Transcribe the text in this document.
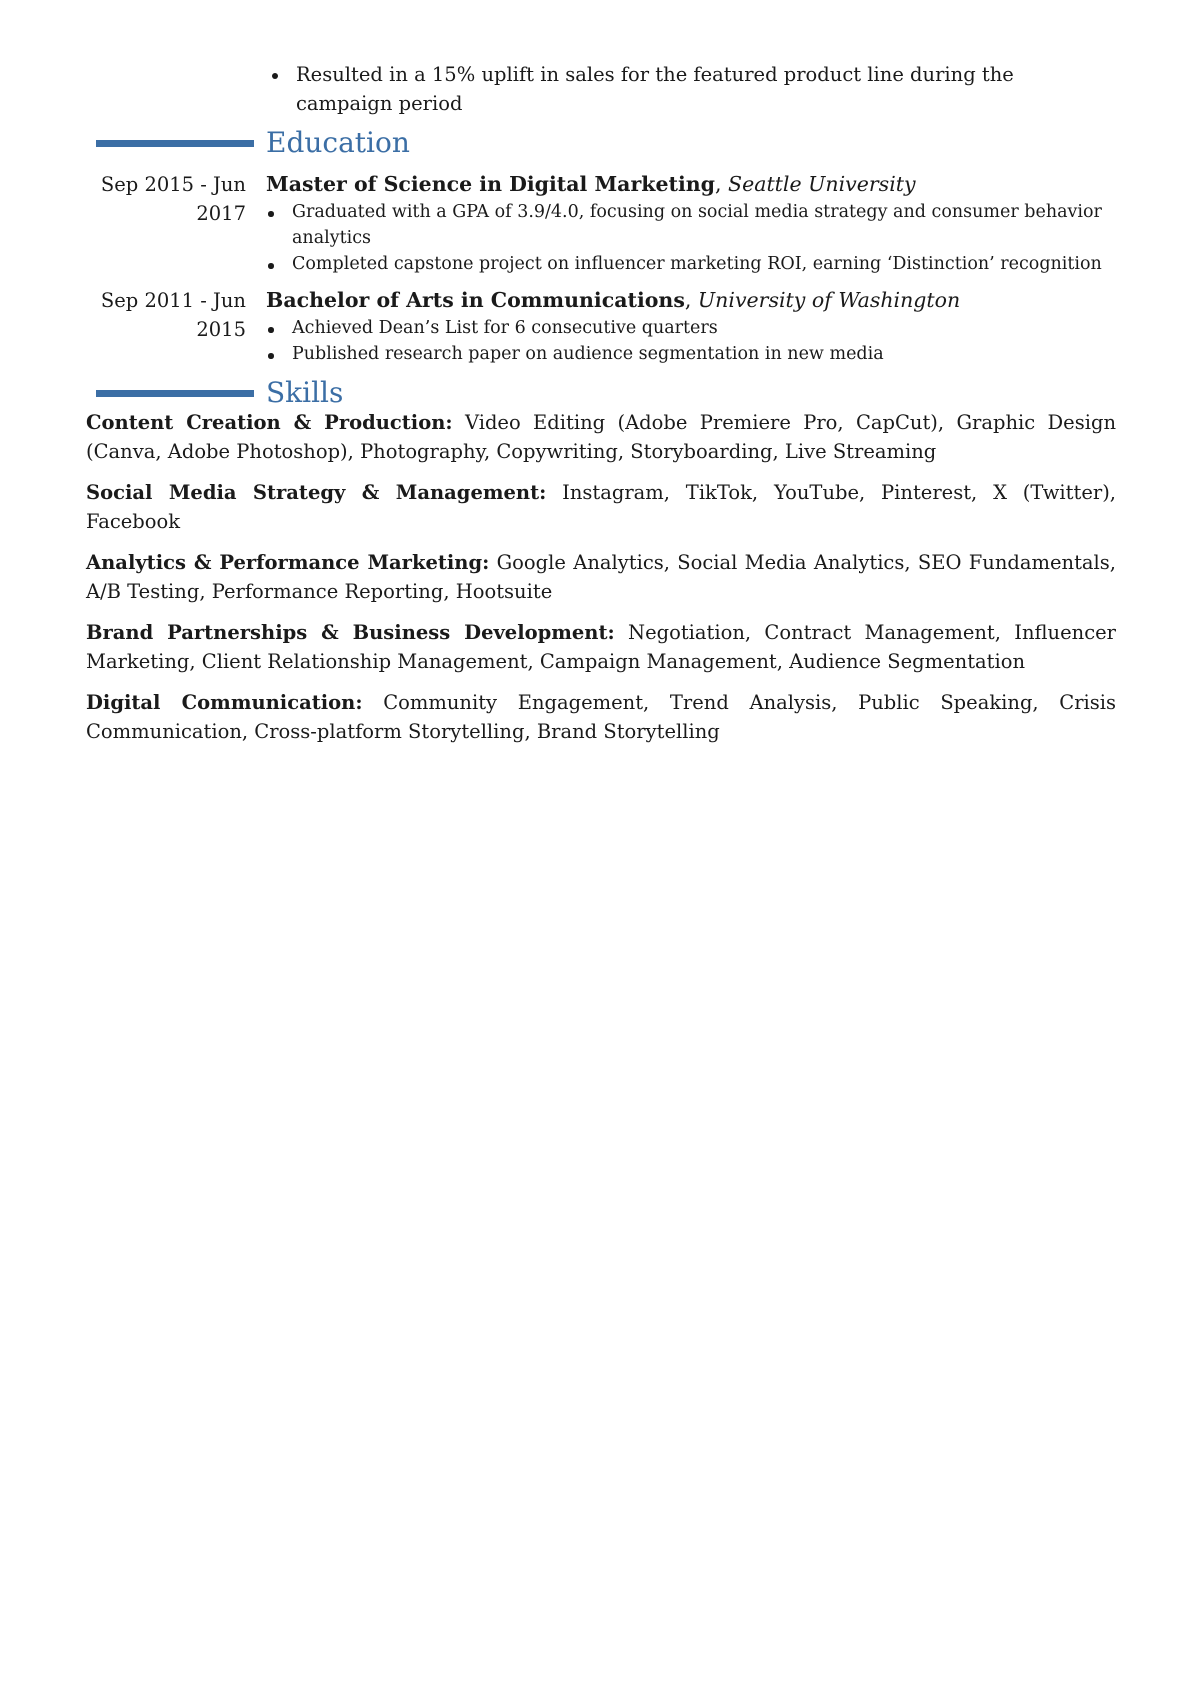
Resulted in a 15% uplift in sales for the featured product line during the campaign period
Education
Sep 2015 - Jun 2017
Master of Science in Digital Marketing, Seattle University
Graduated with a GPA of 3.9/4.0, focusing on social media strategy and consumer behavior analytics
Completed capstone project on influencer marketing ROI, earning ‘Distinction’ recognition
Sep 2011 - Jun 2015
Bachelor of Arts in Communications, University of Washington
Achieved Dean’s List for 6 consecutive quarters
Published research paper on audience segmentation in new media
Skills

Content Creation & Production: Video Editing (Adobe Premiere Pro, CapCut), Graphic Design (Canva, Adobe Photoshop), Photography, Copywriting, Storyboarding, Live Streaming

Social Media Strategy & Management: Instagram, TikTok, YouTube, Pinterest, X (Twitter), Facebook

Analytics & Performance Marketing: Google Analytics, Social Media Analytics, SEO Fundamentals, A/B Testing, Performance Reporting, Hootsuite

Brand Partnerships & Business Development: Negotiation, Contract Management, Influencer Marketing, Client Relationship Management, Campaign Management, Audience Segmentation

Digital Communication: Community Engagement, Trend Analysis, Public Speaking, Crisis Communication, Cross-platform Storytelling, Brand Storytelling
